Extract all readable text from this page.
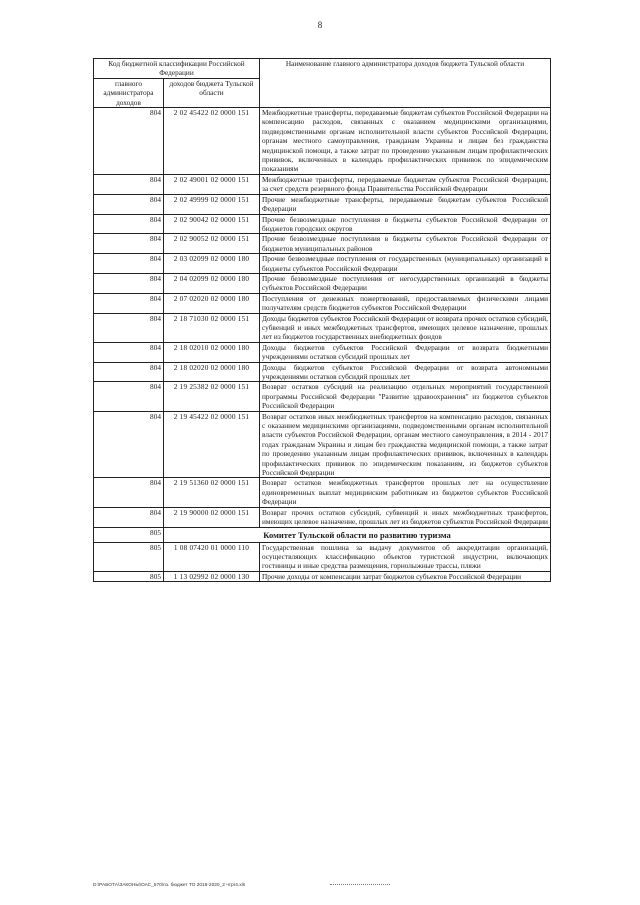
8
Код бюджетной классификации Российской Федерации		Наименование главного администратора доходов бюджета Тульской области
главного администратора доходов	доходов бюджета Тульской области	
804	2 02 45422 02 0000 151	Межбюджетные трансферты, передаваемые бюджетам субъектов Российской Федерации на компенсацию расходов, связанных с оказанием медицинскими организациями, подведомственными органам исполнительной власти субъектов Российской Федерации, органам местного самоуправления, гражданам Украины и лицам без гражданства медицинской помощи, а также затрат по проведению указанным лицам профилактических прививок, включенных в календарь профилактических прививок по эпидемическим показаниям
804	2 02 49001 02 0000 151	Межбюджетные трансферты, передаваемые бюджетам субъектов Российской Федерации, за счет средств резервного фонда Правительства Российской Федерации
804	2 02 49999 02 0000 151	Прочие межбюджетные трансферты, передаваемые бюджетам субъектов Российской Федерации
804	2 02 90042 02 0000 151	Прочие безвозмездные поступления в бюджеты субъектов Российской Федерации от бюджетов городских округов
804	2 02 90052 02 0000 151	Прочие безвозмездные поступления в бюджеты субъектов Российской Федерации от бюджетов муниципальных районов
804	2 03 02099 02 0000 180	Прочие безвозмездные поступления от государственных (муниципальных) организаций в бюджеты субъектов Российской Федерации
804	2 04 02099 02 0000 180	Прочие безвозмездные поступления от негосударственных организаций в бюджеты субъектов Российской Федерации
804	2 07 02020 02 0000 180	Поступления от денежных пожертвований, предоставляемых физическими лицами получателям средств бюджетов субъектов Российской Федерации
804	2 18 71030 02 0000 151	Доходы бюджетов субъектов Российской Федерации от возврата прочих остатков субсидий, субвенций и иных межбюджетных трансфертов, имеющих целевое назначение, прошлых лет из бюджетов государственных внебюджетных фондов
804	2 18 02010 02 0000 180	Доходы бюджетов субъектов Российской Федерации от возврата бюджетными учреждениями остатков субсидий прошлых лет
804	2 18 02020 02 0000 180	Доходы бюджетов субъектов Российской Федерации от возврата автономными учреждениями остатков субсидий прошлых лет
804	2 19 25382 02 0000 151	Возврат остатков субсидий на реализацию отдельных мероприятий государственной программы Российской Федерации "Развитие здравоохранения" из бюджетов субъектов Российской Федерации
804	2 19 45422 02 0000 151	Возврат остатков иных межбюджетных трансфертов на компенсацию расходов, связанных с оказанием медицинскими организациями, подведомственными органам исполнительной власти субъектов Российской Федерации, органам местного самоуправления, в 2014 - 2017 годах гражданам Украины и лицам без гражданства медицинской помощи, а также затрат по проведению указанным лицам профилактических прививок, включенных в календарь профилактических прививок по эпидемическим показаниям, из бюджетов субъектов Российской Федерации
804	2 19 51360 02 0000 151	Возврат остатков межбюджетных трансфертов прошлых лет на осуществление единовременных выплат медицинским работникам из бюджетов субъектов Российской Федерации
804	2 19 90000 02 0000 151	Возврат прочих остатков субсидий, субвенций и иных межбюджетных трансфертов, имеющих целевое назначение, прошлых лет из бюджетов субъектов Российской Федерации
805	Комитет Тульской области по развитию туризма	
805	1 08 07420 01 0000 110	Государственная пошлина за выдачу документов об аккредитации организаций, осуществляющих классификацию объектов туристской индустрии, включающих гостиницы и иные средства размещения, горнолыжные трассы, пляжи
805	1 13 02992 02 0000 130	Прочие доходы от компенсации затрат бюджетов субъектов Российской Федерации
D:\РАБОТА\ЗАКОНЫ\ОАС_570\пз. бюджет ТО 2018-2020_2 чтpr4.xls
